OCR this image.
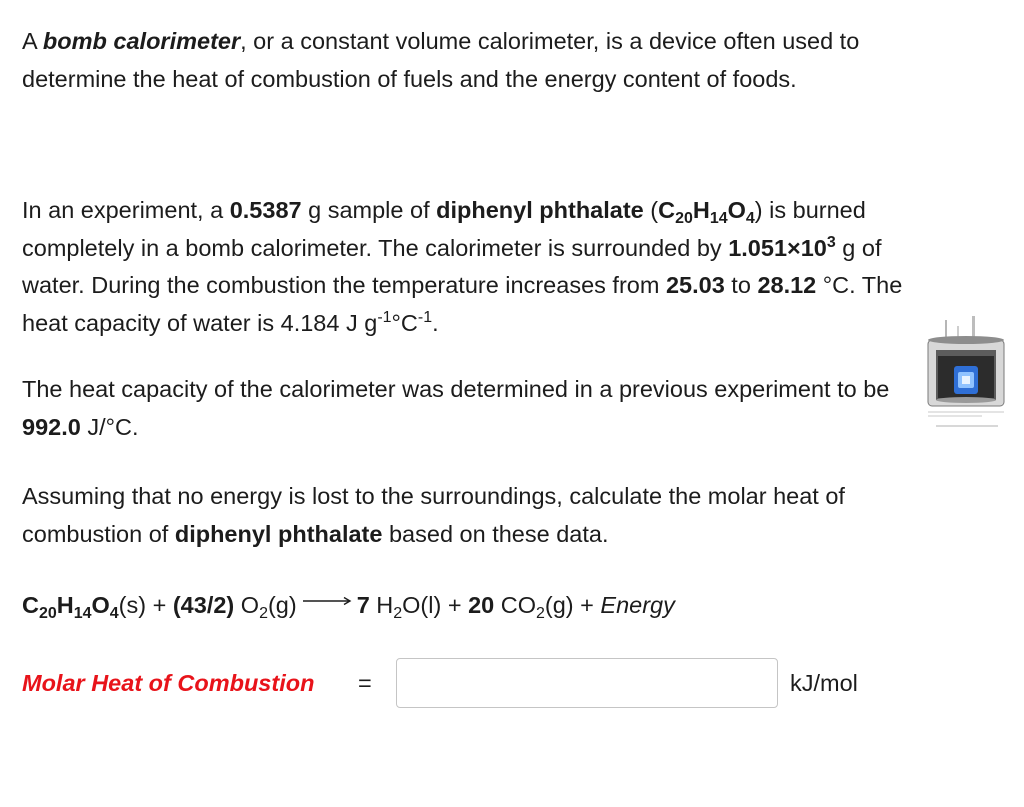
A bomb calorimeter, or a constant volume calorimeter, is a device often used to determine the heat of combustion of fuels and the energy content of foods.

In an experiment, a 0.5387 g sample of diphenyl phthalate $(C_{20}H_{14}O_4)$ is burned completely in a bomb calorimeter. The calorimeter is surrounded by $1.051\times 10^3$ g of water. During the combustion the temperature increases from 25.03 to 28.12 °C. The heat capacity of water is 4.184 J $g^{-1}^\circ C^{-1}$.

The heat capacity of the calorimeter was determined in a previous experiment to be 992.0 J/°C.

Assuming that no energy is lost to the surroundings, calculate the molar heat of combustion of diphenyl phthalate based on these data.

$C_{20}H_{14}O_4(s) + (43/2) O_2(g) \to 7$ $H_2O(l) + 20$ $CO_2(g)$ + Energy

Molar Heat of Combustion =	kJ/mol
